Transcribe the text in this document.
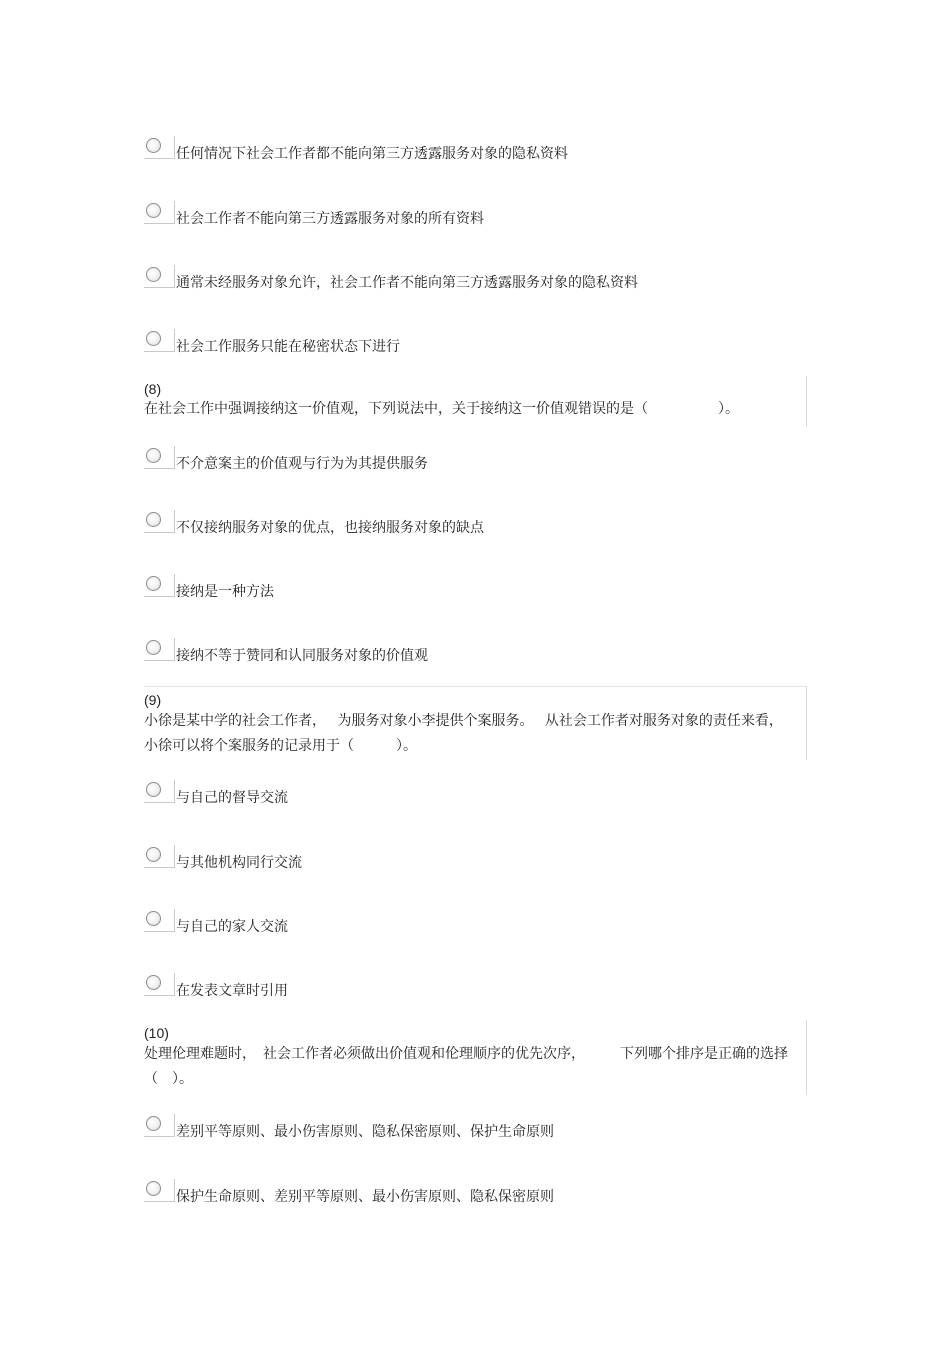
任何情况下社会工作者都不能向第三方透露服务对象的隐私资料
社会工作者不能向第三方透露服务对象的所有资料
通常未经服务对象允许，社会工作者不能向第三方透露服务对象的隐私资料
社会工作服务只能在秘密状态下进行
(8)
在社会工作中强调接纳这一价值观，下列说法中，关于接纳这一价值观错误的是（　　　　　）。
不介意案主的价值观与行为为其提供服务
不仅接纳服务对象的优点，也接纳服务对象的缺点
接纳是一种方法
接纳不等于赞同和认同服务对象的价值观
(9)
小徐是某中学的社会工作者，　 为服务对象小李提供个案服务。　 从社会工作者对服务对象的责任来看，小徐可以将个案服务的记录用于（　　　）。
与自己的督导交流
与其他机构同行交流
与自己的家人交流
在发表文章时引用
(10)
处理伦理难题时，　社会工作者必须做出价值观和伦理顺序的优先次序，　　　下列哪个排序是正确的选择（　）。
差别平等原则、最小伤害原则、隐私保密原则、保护生命原则
保护生命原则、差别平等原则、最小伤害原则、隐私保密原则
